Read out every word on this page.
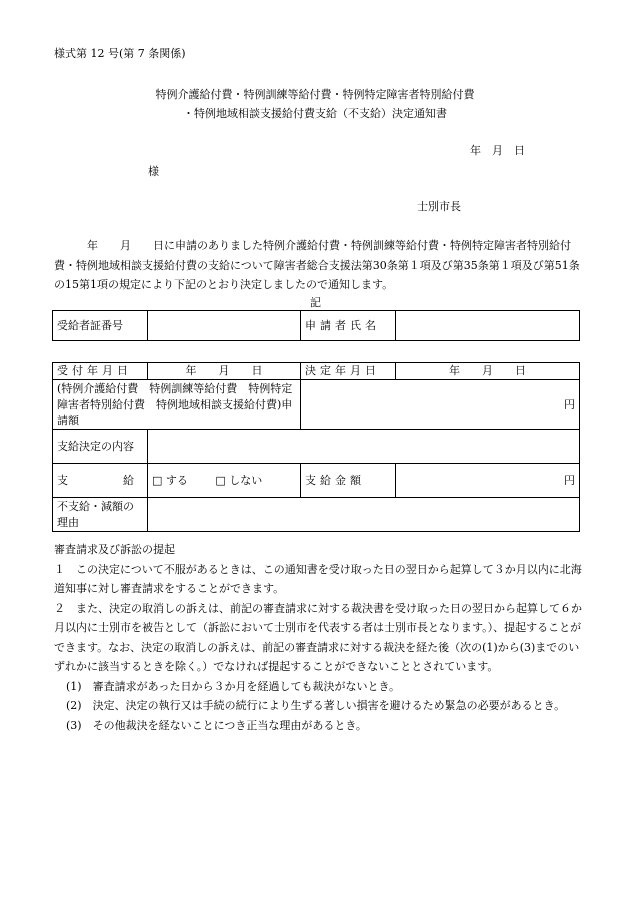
様式第 12 号(第 7 条関係)
特例介護給付費・特例訓練等給付費・特例特定障害者特別給付費
・特例地域相談支援給付費支給（不支給）決定通知書
年　月　日
様
士別市長
　　　年　　月　　日に申請のありました特例介護給付費・特例訓練等給付費・特例特定障害者特別給付費・特例地域相談支援給付費の支給について障害者総合支援法第30条第１項及び第35条第１項及び第51条の15第1項の規定により下記のとおり決定しましたので通知します。
記
受給者証番号		申請者氏名	
受付年月日	年　　月　　日	決定年月日	年　　月　　日
(特例介護給付費　特例訓練等給付費　特例特定障害者特別給付費　特例地域相談支援給付費)申請額		円	
支給決定の内容			
支　　　　　給	□ する □ しない	支給金額	円
不支給・減額の理由			

審査請求及び訴訟の提起

１　この決定について不服があるときは、この通知書を受け取った日の翌日から起算して３か月以内に北海道知事に対し審査請求をすることができます。

２　また、決定の取消しの訴えは、前記の審査請求に対する裁決書を受け取った日の翌日から起算して６か月以内に士別市を被告として（訴訟において士別市を代表する者は士別市長となります。）、提起することができます。なお、決定の取消しの訴えは、前記の審査請求に対する裁決を経た後（次の(1)から(3)までのいずれかに該当するときを除く。）でなければ提起することができないこととされています。

(1)　審査請求があった日から３か月を経過しても裁決がないとき。

(2)　決定、決定の執行又は手続の続行により生ずる著しい損害を避けるため緊急の必要があるとき。

(3)　その他裁決を経ないことにつき正当な理由があるとき。
